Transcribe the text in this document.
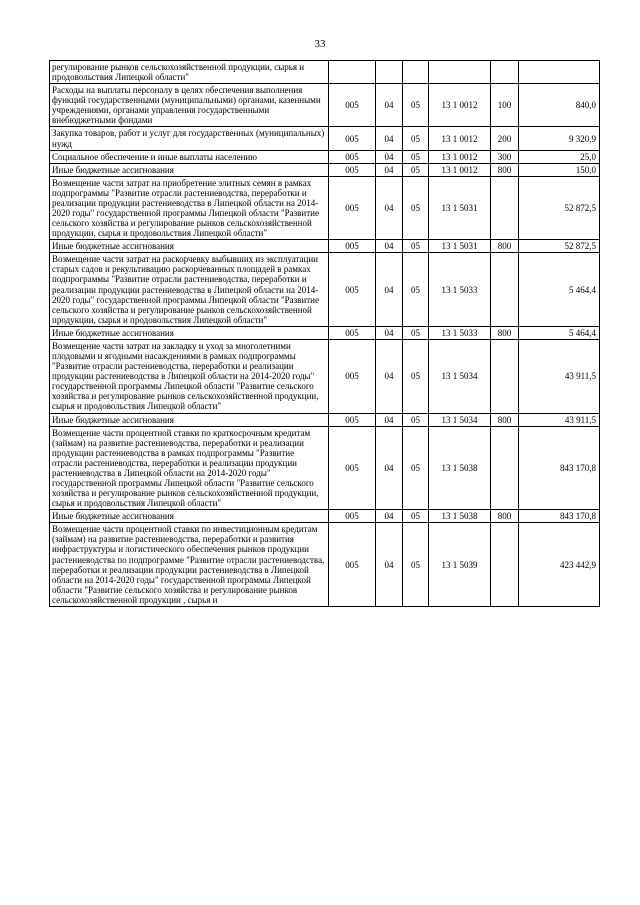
33
регулирование рынков сельскохозяйственной продукции, сырья и продовольствия Липецкой области"						
Расходы на выплаты персоналу в целях обеспечения выполнения функций государственными (муниципальными) органами, казенными учреждениями, органами управления государственными внебюджетными фондами	005	04	05	13 1 0012	100	840,0
Закупка товаров, работ и услуг для государственных (муниципальных) нужд	005	04	05	13 1 0012	200	9 320,9
Социальное обеспечение и иные выплаты населению	005	04	05	13 1 0012	300	25,0
Иные бюджетные ассигнования	005	04	05	13 1 0012	800	150,0
Возмещение части затрат на приобретение элитных семян в рамках подпрограммы "Развитие отрасли растениеводства, переработки и реализации продукции растениеводства в Липецкой области на 2014-2020 годы" государственной программы Липецкой области "Развитие сельского хозяйства и регулирование рынков сельскохозяйственной продукции, сырья и продовольствия Липецкой области"	005	04	05	13 1 5031		52 872,5
Иные бюджетные ассигнования	005	04	05	13 1 5031	800	52 872,5
Возмещение части затрат на раскорчевку выбывших из эксплуатации старых садов и рекультивацию раскорчеванных площадей в рамках подпрограммы "Развитие отрасли растениеводства, переработки и реализации продукции растениеводства в Липецкой области на 2014-2020 годы" государственной программы Липецкой области "Развитие сельского хозяйства и регулирование рынков сельскохозяйственной продукции, сырья и продовольствия Липецкой области"	005	04	05	13 1 5033		5 464,4
Иные бюджетные ассигнования	005	04	05	13 1 5033	800	5 464,4
Возмещение части затрат на закладку и уход за многолетними плодовыми и ягодными насаждениями в рамках подпрограммы "Развитие отрасли растениеводства, переработки и реализации продукции растениеводства в Липецкой области на 2014-2020 годы" государственной программы Липецкой области "Развитие сельского хозяйства и регулирование рынков сельскохозяйственной продукции, сырья и продовольствия Липецкой области"	005	04	05	13 1 5034		43 911,5
Иные бюджетные ассигнования	005	04	05	13 1 5034	800	43 911,5
Возмещение части процентной ставки по краткосрочным кредитам (займам) на развитие растениеводства, переработки и реализации продукции растениеводства в рамках подпрограммы "Развитие отрасли растениеводства, переработки и реализации продукции растениеводства в Липецкой области на 2014-2020 годы" государственной программы Липецкой области "Развитие сельского хозяйства и регулирование рынков сельскохозяйственной продукции, сырья и продовольствия Липецкой области"	005	04	05	13 1 5038		843 170,8
Иные бюджетные ассигнования	005	04	05	13 1 5038	800	843 170,8
Возмещение части процентной ставки по инвестиционным кредитам (займам) на развитие растениеводства, переработки и развития инфраструктуры и логистического обеспечения рынков продукции растениеводства по подпрограмме "Развитие отрасли растениеводства, переработки и реализации продукции растениеводства в Липецкой области на 2014-2020 годы" государственной программы Липецкой области "Развитие сельского хозяйства и регулирование рынков сельскохозяйственной продукции , сырья и	005	04	05	13 1 5039		423 442,9
